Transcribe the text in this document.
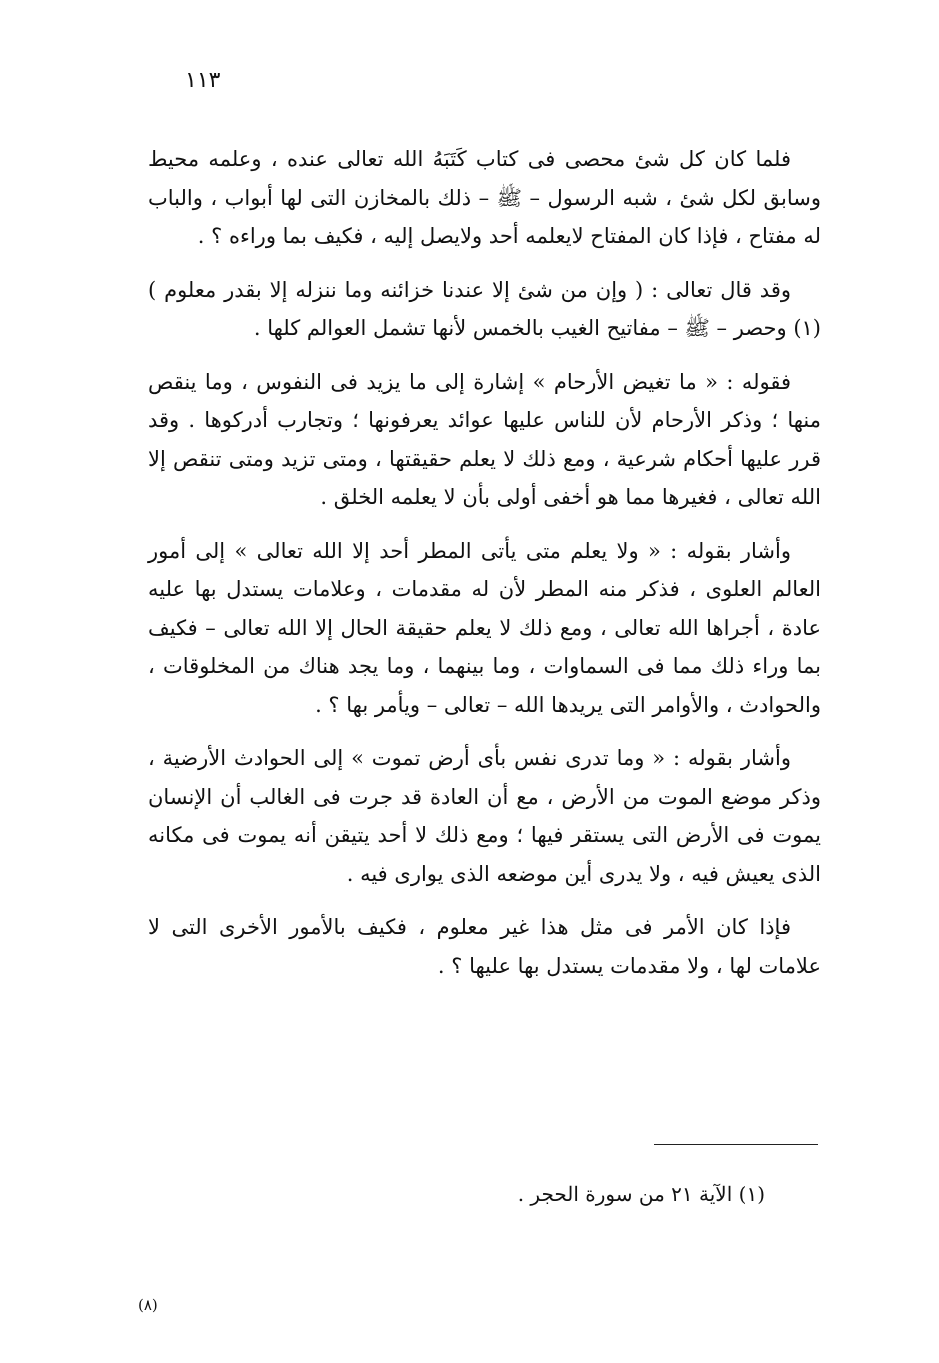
١١٣

فلما كان كل شئ محصى فى كتاب كَتَبَهُ الله تعالى عنده ، وعلمه محيط وسابق لكل شئ ، شبه الرسول – ﷺ – ذلك بالمخازن التى لها أبواب ، والباب له مفتاح ، فإذا كان المفتاح لايعلمه أحد ولايصل إليه ، فكيف بما وراءه ؟ .

وقد قال تعالى : ( وإن من شئ إلا عندنا خزائنه وما ننزله إلا بقدر معلوم ) (١) وحصر – ﷺ – مفاتيح الغيب بالخمس لأنها تشمل العوالم كلها .

فقوله : « ما تغيض الأرحام » إشارة إلى ما يزيد فى النفوس ، وما ينقص منها ؛ وذكر الأرحام لأن للناس عليها عوائد يعرفونها ؛ وتجارب أدركوها . وقد قرر عليها أحكام شرعية ، ومع ذلك لا يعلم حقيقتها ، ومتى تزيد ومتى تنقص إلا الله تعالى ، فغيرها مما هو أخفى أولى بأن لا يعلمه الخلق .

وأشار بقوله : « ولا يعلم متى يأتى المطر أحد إلا الله تعالى » إلى أمور العالم العلوى ، فذكر منه المطر لأن له مقدمات ، وعلامات يستدل بها عليه عادة ، أجراها الله تعالى ، ومع ذلك لا يعلم حقيقة الحال إلا الله تعالى – فكيف بما وراء ذلك مما فى السماوات ، وما بينهما ، وما يجد هناك من المخلوقات ، والحوادث ، والأوامر التى يريدها الله – تعالى – ويأمر بها ؟ .

وأشار بقوله : « وما تدرى نفس بأى أرض تموت » إلى الحوادث الأرضية ، وذكر موضع الموت من الأرض ، مع أن العادة قد جرت فى الغالب أن الإنسان يموت فى الأرض التى يستقر فيها ؛ ومع ذلك لا أحد يتيقن أنه يموت فى مكانه الذى يعيش فيه ، ولا يدرى أين موضعه الذى يوارى فيه .

فإذا كان الأمر فى مثل هذا غير معلوم ، فكيف بالأمور الأخرى التى لا علامات لها ، ولا مقدمات يستدل بها عليها ؟ .

(١) الآية ٢١ من سورة الحجر .
(٨)
